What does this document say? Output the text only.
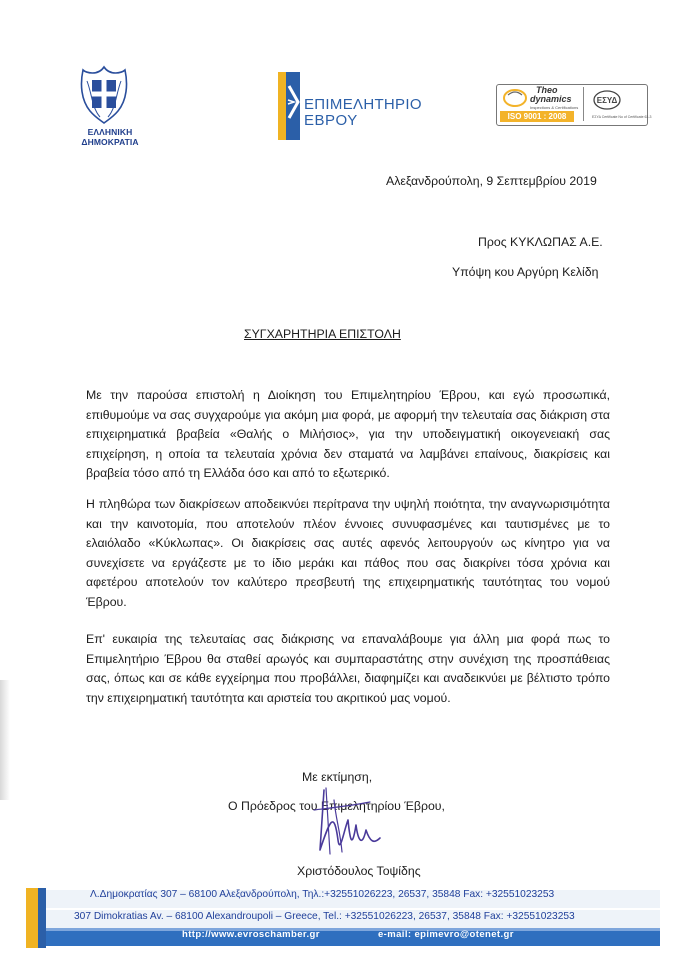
ΕΛΛΗΝΙΚΗ ΔΗΜΟΚΡΑΤΙΑ
ΕΠΙΜΕΛΗΤΗΡΙΟ
ΕΒΡΟΥ
Theo
dynamics
Inspections & Certifications
ISO 9001 : 2008
ΕΣΥΔ
ΕΣΥΔ Certificate No of Certificate 63-3
Αλεξανδρούπολη, 9 Σεπτεμβρίου 2019
Προς ΚΥΚΛΩΠΑΣ Α.Ε.
Υπόψη κου Αργύρη Κελίδη
ΣΥΓΧΑΡΗΤΗΡΙΑ ΕΠΙΣΤΟΛΗ

Με την παρούσα επιστολή η Διοίκηση του Επιμελητηρίου Έβρου, και εγώ προσωπικά, επιθυμούμε να σας συγχαρούμε για ακόμη μια φορά, με αφορμή την τελευταία σας διάκριση στα επιχειρηματικά βραβεία «Θαλής ο Μιλήσιος», για την υποδειγματική οικογενειακή σας επιχείρηση, η οποία τα τελευταία χρόνια δεν σταματά να λαμβάνει επαίνους, διακρίσεις και βραβεία τόσο από τη Ελλάδα όσο και από το εξωτερικό.

Η πληθώρα των διακρίσεων αποδεικνύει περίτρανα την υψηλή ποιότητα, την αναγνωρισιμότητα και την καινοτομία, που αποτελούν πλέον έννοιες συνυφασμένες και ταυτισμένες με το ελαιόλαδο «Κύκλωπας». Οι διακρίσεις σας αυτές αφενός λειτουργούν ως κίνητρο για να συνεχίσετε να εργάζεστε με το ίδιο μεράκι και πάθος που σας διακρίνει τόσα χρόνια και αφετέρου αποτελούν τον καλύτερο πρεσβευτή της επιχειρηματικής ταυτότητας του νομού Έβρου.

Επ' ευκαιρία της τελευταίας σας διάκρισης να επαναλάβουμε για άλλη μια φορά πως το Επιμελητήριο Έβρου θα σταθεί αρωγός και συμπαραστάτης στην συνέχιση της προσπάθειας σας, όπως και σε κάθε εγχείρημα που προβάλλει, διαφημίζει και αναδεικνύει με βέλτιστο τρόπο την επιχειρηματική ταυτότητα και αριστεία του ακριτικού μας νομού.

Με εκτίμηση,
Ο Πρόεδρος του Επιμελητηρίου Έβρου,
Χριστόδουλος Τοψίδης
Λ.Δημοκρατίας 307 – 68100 Αλεξανδρούπολη, Τηλ.:+32551026223, 26537, 35848 Fax: +32551023253
307 Dimokratias Av. – 68100 Alexandroupoli – Greece, Tel.: +32551026223, 26537, 35848 Fax: +32551023253
http://www.evroschamber.gr	e-mail: epimevro@otenet.gr
